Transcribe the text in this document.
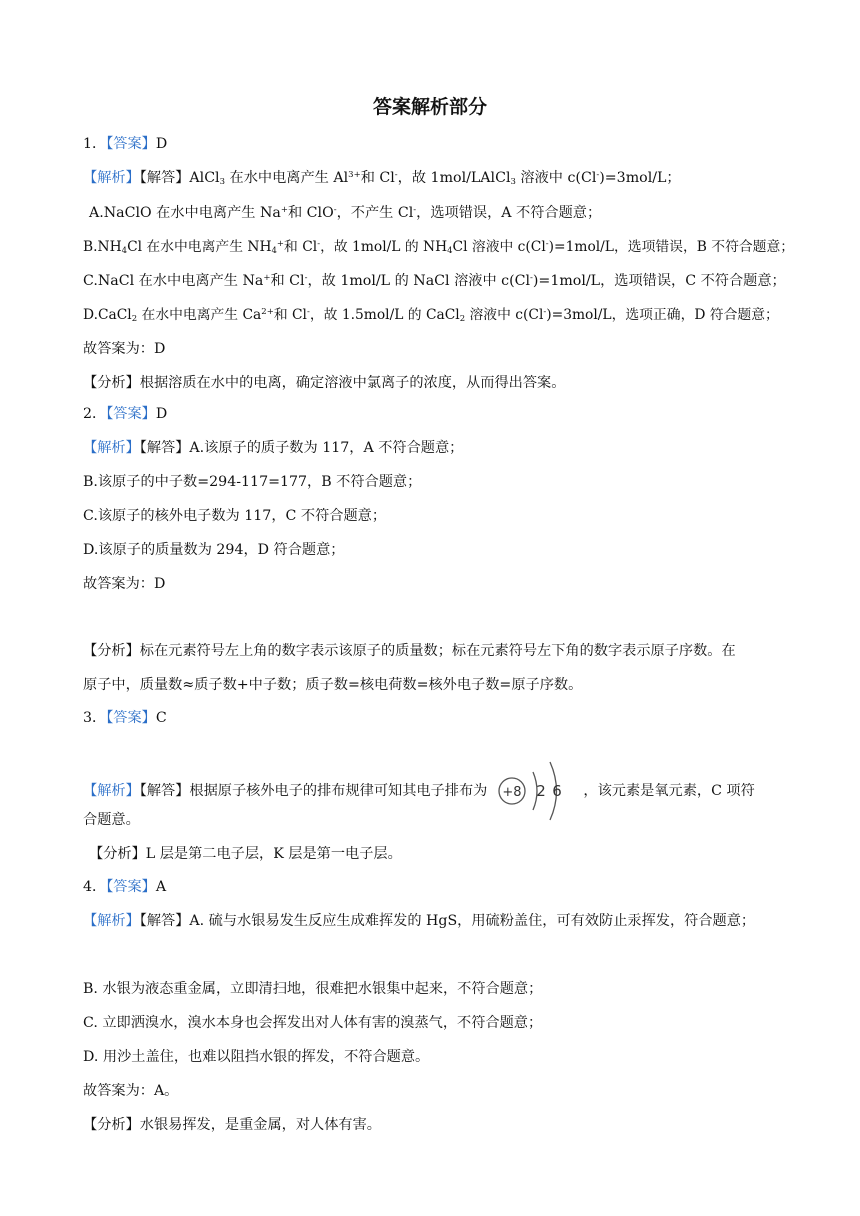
答案解析部分
1．【答案】D
【解析】【解答】AlCl$_3$ 在水中电离产生 $Al^{3+}$和 Cl-，故 1mol/LAlCl$_3$ 溶液中 c(Cl-)=3mol/L；
A.NaClO 在水中电离产生 Na+和 ClO-，不产生 Cl-，选项错误，A 不符合题意；
$B.NH_4Cl$ 在水中电离产生 $NH_4^+$和 Cl-，故 1mol/L 的 $NH_4Cl$ 溶液中 c(Cl-)=1mol/L，选项错误，B 不符合题意；
C.NaCl 在水中电离产生 Na+和 Cl-，故 1mol/L 的 NaCl 溶液中 c(Cl-)=1mol/L，选项错误，C 不符合题意；
D.CaCl$_2$ 在水中电离产生 $Ca^{2+}$和 Cl-，故 1.5mol/L 的 CaCl$_2$ 溶液中 c(Cl-)=3mol/L，选项正确，D 符合题意；
故答案为：D
【分析】根据溶质在水中的电离，确定溶液中氯离子的浓度，从而得出答案。
2．【答案】D
【解析】【解答】A.该原子的质子数为 117，A 不符合题意；
B.该原子的中子数=294-117=177，B 不符合题意；
C.该原子的核外电子数为 117，C 不符合题意；
D.该原子的质量数为 294，D 符合题意；
故答案为：D
【分析】标在元素符号左上角的数字表示该原子的质量数；标在元素符号左下角的数字表示原子序数。在
原子中，质量数≈质子数+中子数；质子数=核电荷数=核外电子数=原子序数。
3．【答案】C
【解析】【解答】根据原子核外电子的排布规律可知其电子排布为 +8 2 6 ，该元素是氧元素，C 项符
合题意。
【分析】L 层是第二电子层，K 层是第一电子层。
4．【答案】A
【解析】【解答】A. 硫与水银易发生反应生成难挥发的 HgS，用硫粉盖住，可有效防止汞挥发，符合题意；
B. 水银为液态重金属，立即清扫地，很难把水银集中起来，不符合题意；
C. 立即洒溴水，溴水本身也会挥发出对人体有害的溴蒸气，不符合题意；
D. 用沙土盖住，也难以阻挡水银的挥发，不符合题意。
故答案为：A。
【分析】水银易挥发，是重金属，对人体有害。
